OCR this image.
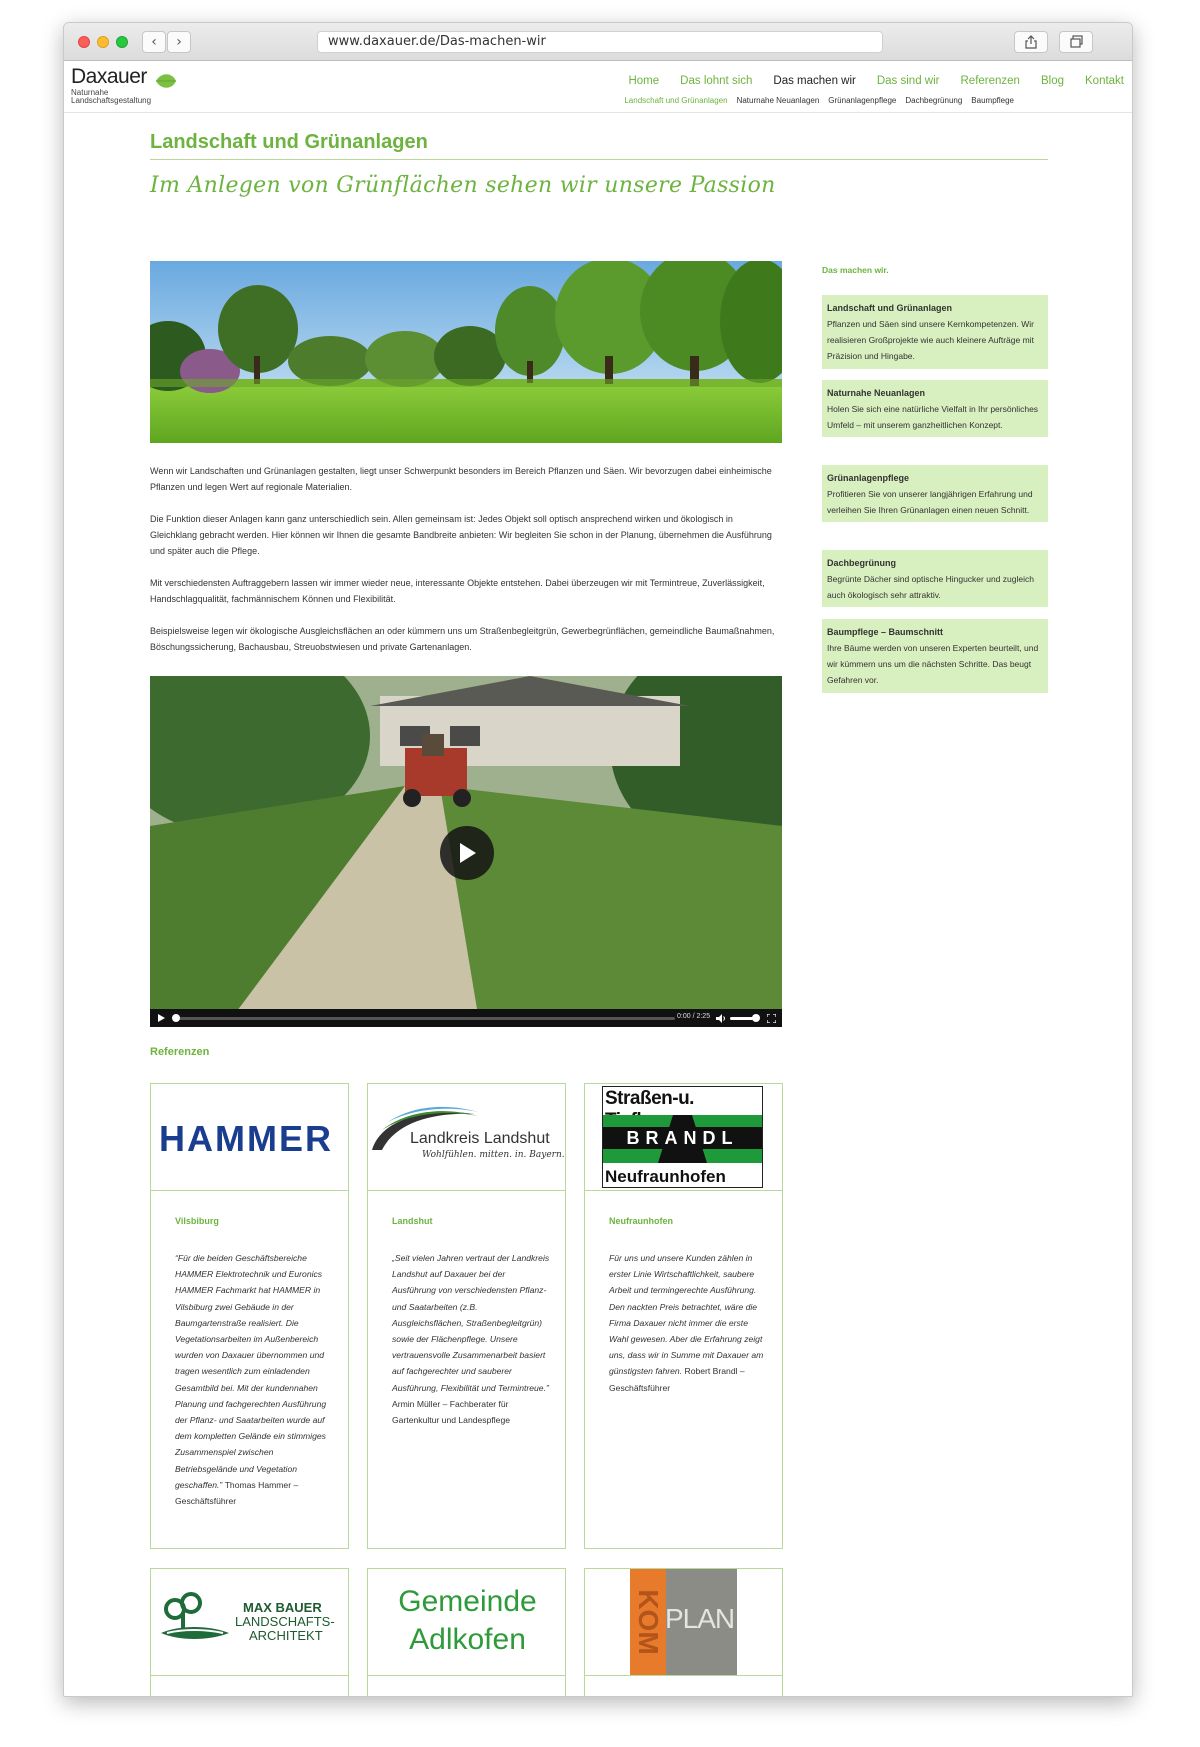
‹	›	www.daxauer.de/Das-machen-wir
Daxauer
Naturnahe
Landschaftsgestaltung
Home Das lohnt sich Das machen wir Das sind wir Referenzen Blog Kontakt
Landschaft und Grünanlagen Naturnahe Neuanlagen Grünanlagenpflege Dachbegrünung Baumpflege
Landschaft und Grünanlagen
Im Anlegen von Grünflächen sehen wir unsere Passion

Wenn wir Landschaften und Grünanlagen gestalten, liegt unser Schwerpunkt besonders im Bereich Pflanzen und Säen. Wir bevorzugen dabei einheimische Pflanzen und legen Wert auf regionale Materialien.

Die Funktion dieser Anlagen kann ganz unterschiedlich sein. Allen gemeinsam ist: Jedes Objekt soll optisch ansprechend wirken und ökologisch in Gleichklang gebracht werden. Hier können wir Ihnen die gesamte Bandbreite anbieten: Wir begleiten Sie schon in der Planung, übernehmen die Ausführung und später auch die Pflege.

Mit verschiedensten Auftraggebern lassen wir immer wieder neue, interessante Objekte entstehen. Dabei überzeugen wir mit Termintreue, Zuverlässigkeit, Handschlagqualität, fachmännischem Können und Flexibilität.

Beispielsweise legen wir ökologische Ausgleichsflächen an oder kümmern uns um Straßenbegleitgrün, Gewerbegrünflächen, gemeindliche Baumaßnahmen, Böschungssicherung, Bachausbau, Streuobstwiesen und private Gartenanlagen.

0:00 / 2:25
Referenzen
HAMMER
Vilsbiburg
“Für die beiden Geschäftsbereiche HAMMER Elektrotechnik und Euronics HAMMER Fachmarkt hat HAMMER in Vilsbiburg zwei Gebäude in der Baumgartenstraße realisiert. Die Vegetationsarbeiten im Außenbereich wurden von Daxauer übernommen und tragen wesentlich zum einladenden Gesamtbild bei. Mit der kundennahen Planung und fachgerechten Ausführung der Pflanz- und Saatarbeiten wurde auf dem kompletten Gelände ein stimmiges Zusammenspiel zwischen Betriebsgelände und Vegetation geschaffen.” Thomas Hammer – Geschäftsführer
Landkreis Landshut
Wohlfühlen. mitten. in. Bayern.
Landshut
„Seit vielen Jahren vertraut der Landkreis Landshut auf Daxauer bei der Ausführung von verschiedensten Pflanz- und Saatarbeiten (z.B. Ausgleichsflächen, Straßenbegleitgrün) sowie der Flächenpflege. Unsere vertrauensvolle Zusammenarbeit basiert auf fachgerechter und sauberer Ausführung, Flexibilität und Termintreue.” Armin Müller – Fachberater für Gartenkultur und Landespflege
Straßen-u.
BRANDL
Neufraunhofen
Neufraunhofen
Für uns und unsere Kunden zählen in erster Linie Wirtschaftlichkeit, saubere Arbeit und termingerechte Ausführung. Den nackten Preis betrachtet, wäre die Firma Daxauer nicht immer die erste Wahl gewesen. Aber die Erfahrung zeigt uns, dass wir in Summe mit Daxauer am günstigsten fahren. Robert Brandl – Geschäftsführer
MAX BAUER
LANDSCHAFTS-
ARCHITEKT
Gemeinde
Adlkofen	KOM PLAN
Das machen wir.
Landschaft und Grünanlagen
Pflanzen und Säen sind unsere Kernkompetenzen. Wir realisieren Großprojekte wie auch kleinere Aufträge mit Präzision und Hingabe.
Naturnahe Neuanlagen
Holen Sie sich eine natürliche Vielfalt in Ihr persönliches Umfeld – mit unserem ganzheitlichen Konzept.
Grünanlagenpflege
Profitieren Sie von unserer langjährigen Erfahrung und verleihen Sie Ihren Grünanlagen einen neuen Schnitt.
Dachbegrünung
Begrünte Dächer sind optische Hingucker und zugleich auch ökologisch sehr attraktiv.
Baumpflege – Baumschnitt
Ihre Bäume werden von unseren Experten beurteilt, und wir kümmern uns um die nächsten Schritte. Das beugt Gefahren vor.
